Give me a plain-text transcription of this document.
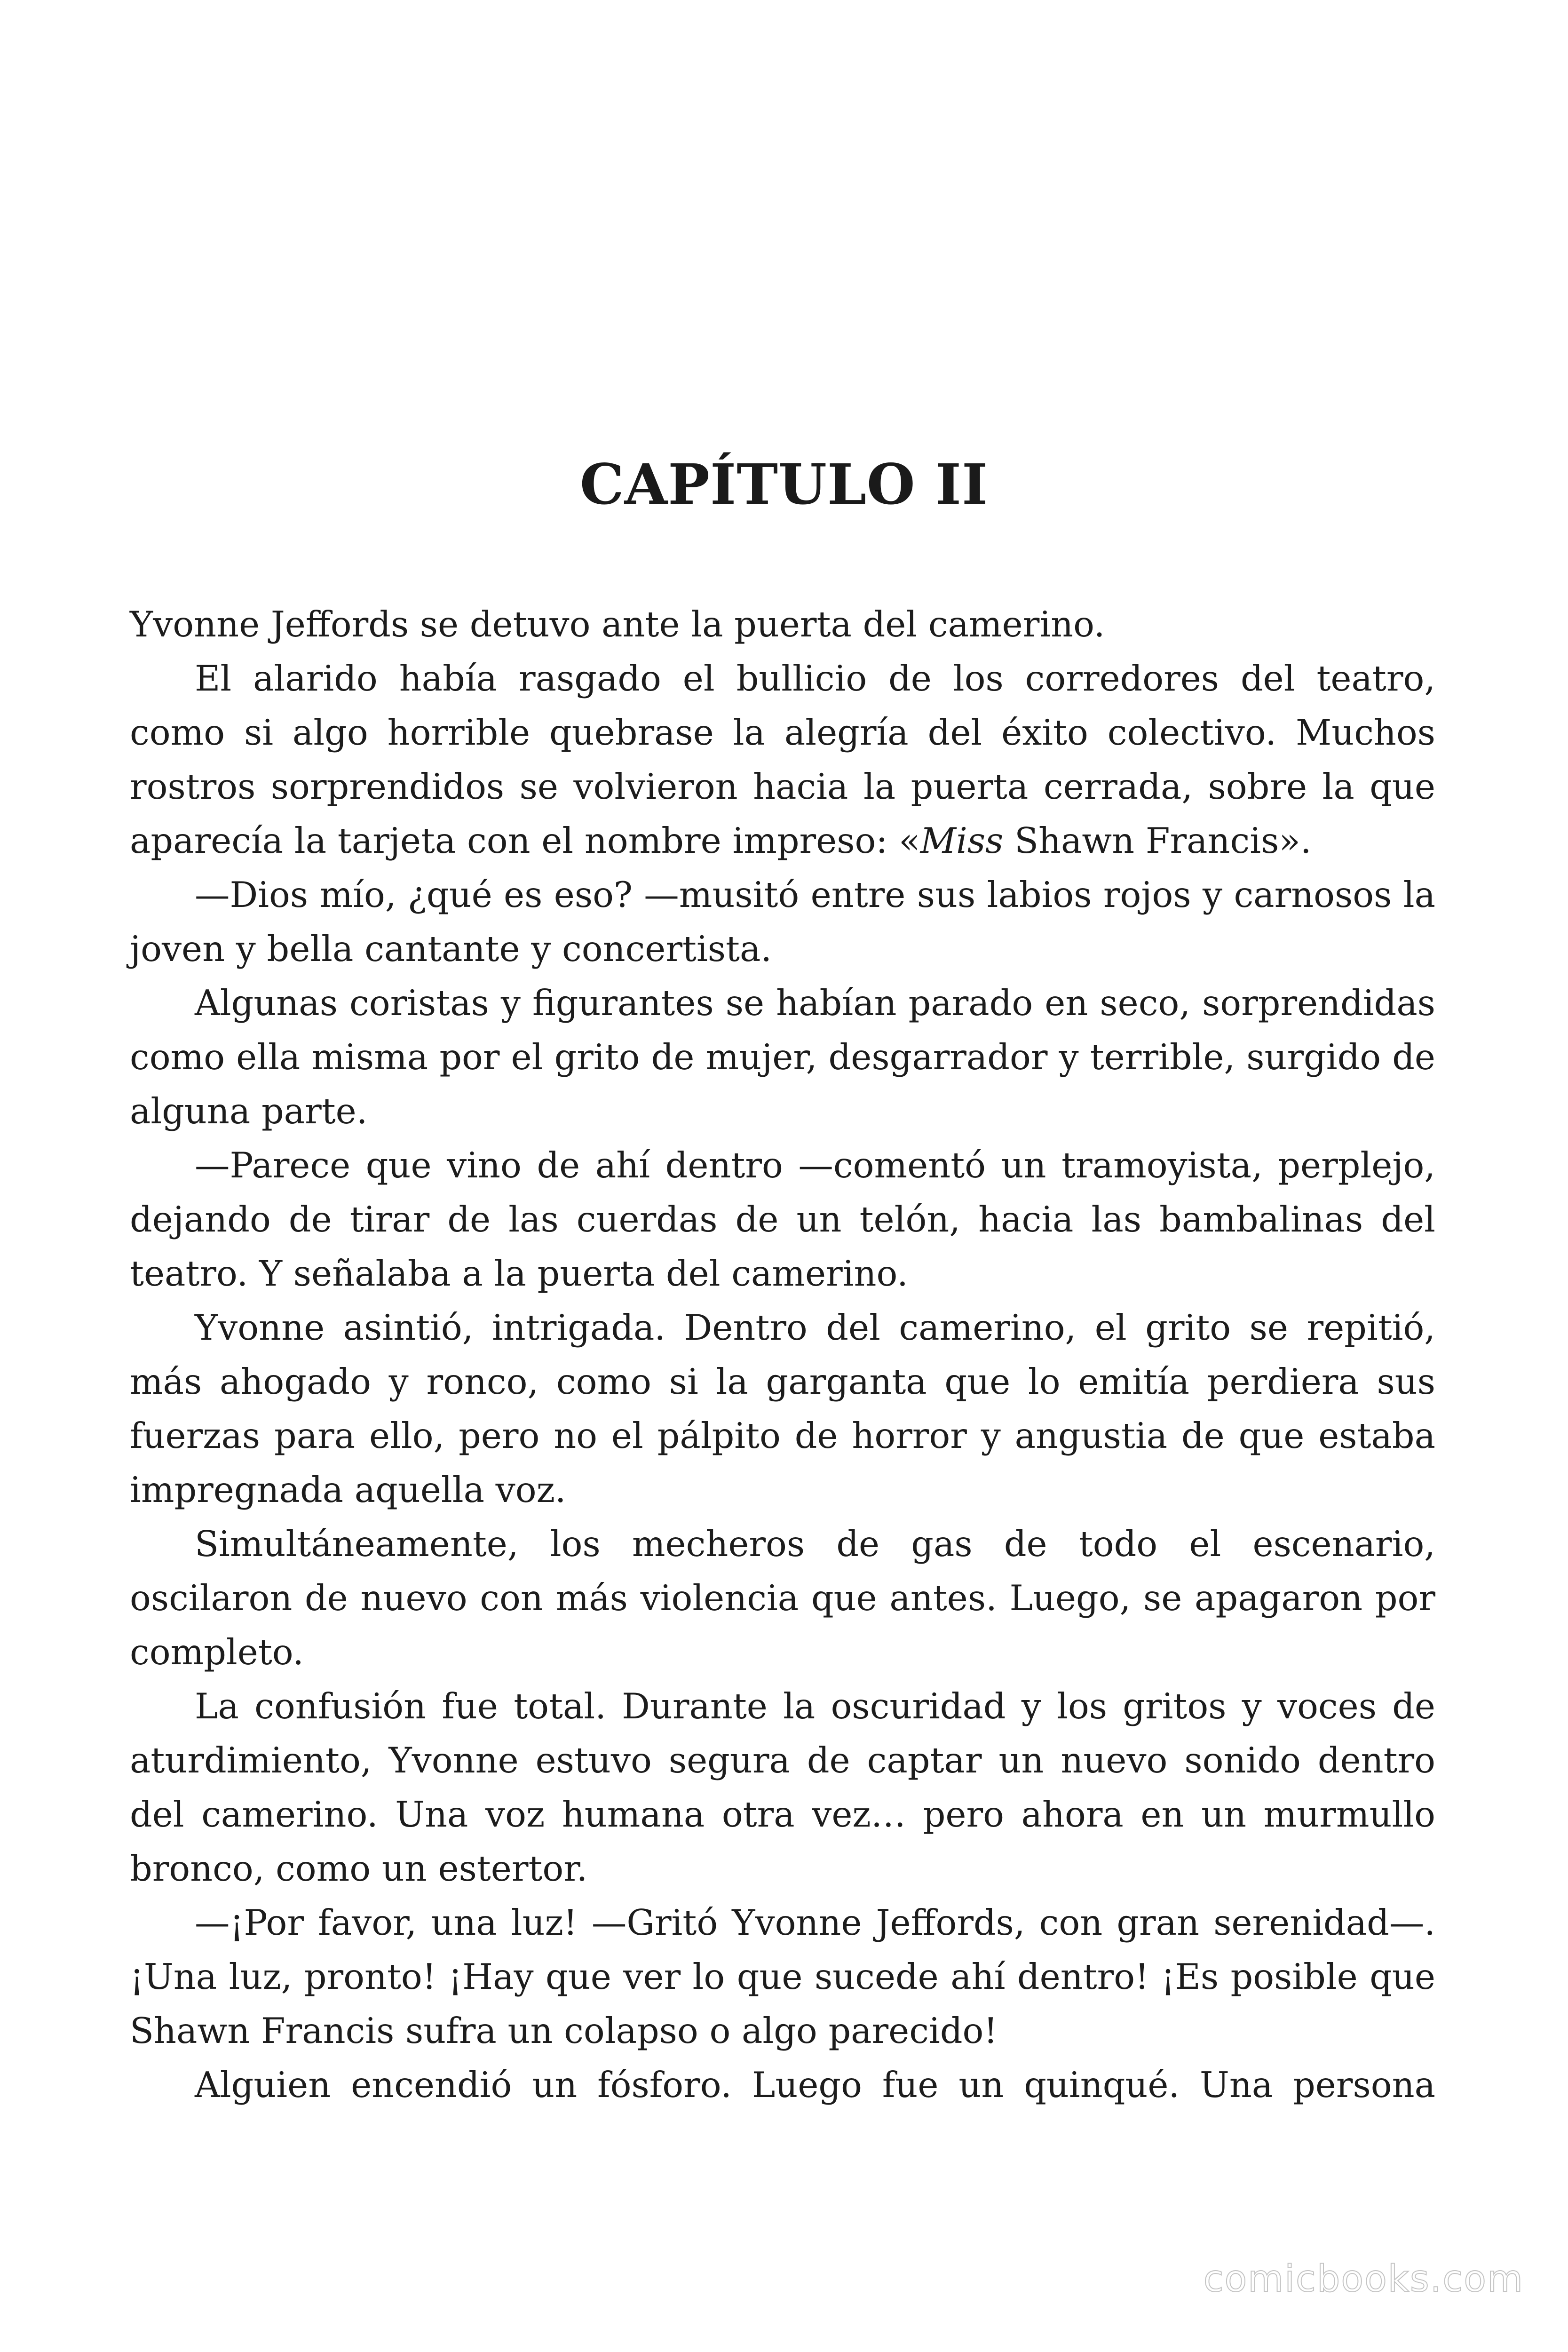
CAPÍTULO II

Yvonne Jeffords se detuvo ante la puerta del camerino.

El alarido había rasgado el bullicio de los corredores del teatro, como si algo horrible quebrase la alegría del éxito colectivo. Muchos rostros sorprendidos se volvieron hacia la puerta cerrada, sobre la que aparecía la tarjeta con el nombre impreso: «Miss Shawn Francis».

—Dios mío, ¿qué es eso? —musitó entre sus labios rojos y carnosos la joven y bella cantante y concertista.

Algunas coristas y figurantes se habían parado en seco, sorprendidas como ella misma por el grito de mujer, desgarrador y terrible, surgido de alguna parte.

—Parece que vino de ahí dentro —comentó un tramoyista, perplejo, dejando de tirar de las cuerdas de un telón, hacia las bambalinas del teatro. Y señalaba a la puerta del camerino.

Yvonne asintió, intrigada. Dentro del camerino, el grito se repitió, más ahogado y ronco, como si la garganta que lo emitía perdiera sus fuerzas para ello, pero no el pálpito de horror y angustia de que estaba impregnada aquella voz.

Simultáneamente, los mecheros de gas de todo el escenario, oscilaron de nuevo con más violencia que antes. Luego, se apagaron por completo.

La confusión fue total. Durante la oscuridad y los gritos y voces de aturdimiento, Yvonne estuvo segura de captar un nuevo sonido dentro del camerino. Una voz humana otra vez… pero ahora en un murmullo bronco, como un estertor.

—¡Por favor, una luz! —Gritó Yvonne Jeffords, con gran serenidad—. ¡Una luz, pronto! ¡Hay que ver lo que sucede ahí dentro! ¡Es posible que Shawn Francis sufra un colapso o algo parecido!

Alguien encendió un fósforo. Luego fue un quinqué. Una persona

comicbooks.com
